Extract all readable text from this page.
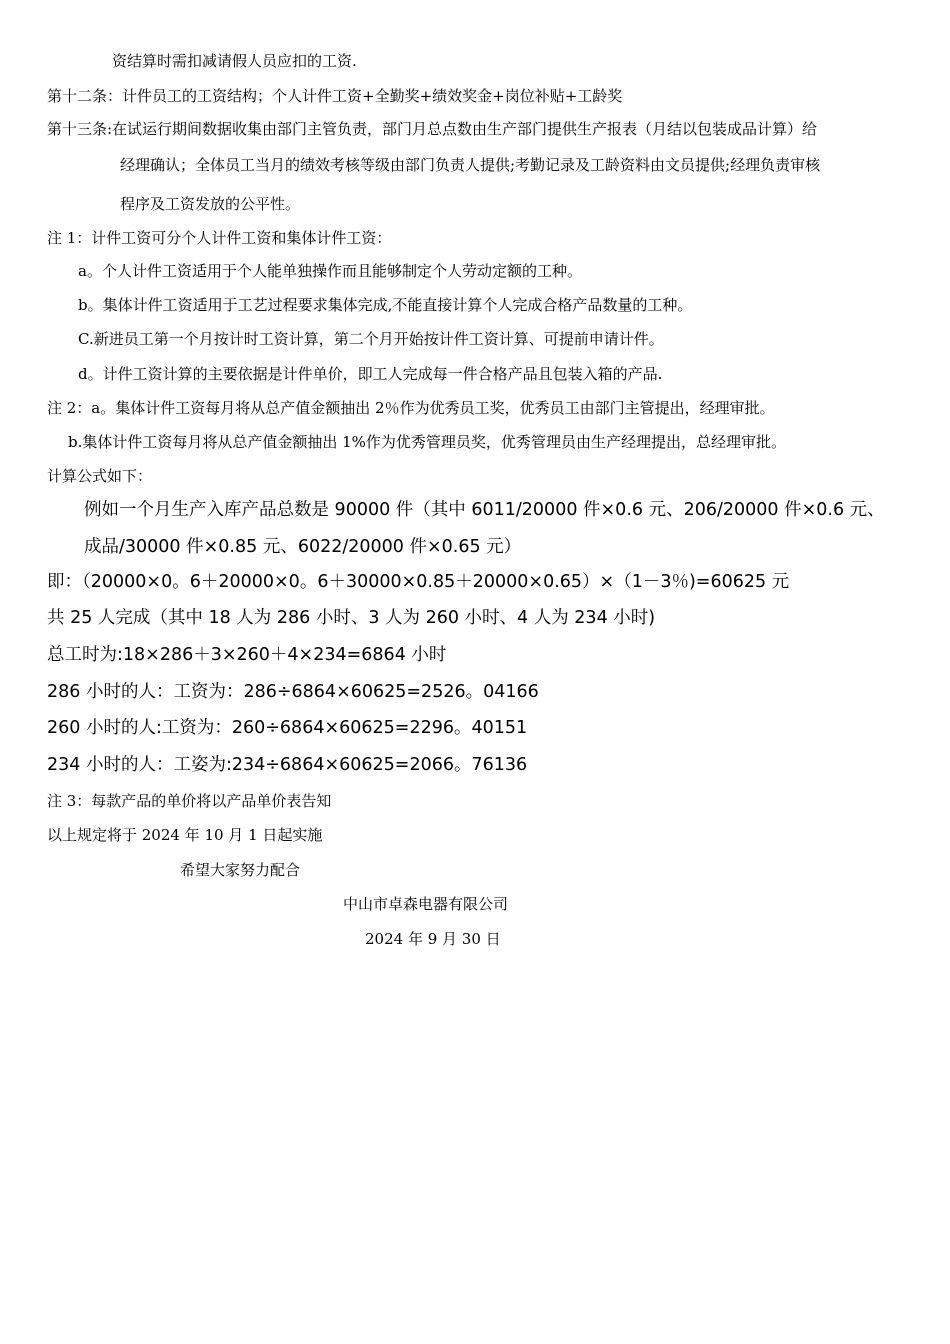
资结算时需扣减请假人员应扣的工资.
第十二条：计件员工的工资结构；个人计件工资+全勤奖+绩效奖金+岗位补贴+工龄奖
第十三条:在试运行期间数据收集由部门主管负责，部门月总点数由生产部门提供生产报表（月结以包装成品计算）给
经理确认；全体员工当月的绩效考核等级由部门负责人提供;考勤记录及工龄资料由文员提供;经理负责审核
程序及工资发放的公平性。
注 1：计件工资可分个人计件工资和集体计件工资：
a。个人计件工资适用于个人能单独操作而且能够制定个人劳动定额的工种。
b。集体计件工资适用于工艺过程要求集体完成,不能直接计算个人完成合格产品数量的工种。
C.新进员工第一个月按计时工资计算，第二个月开始按计件工资计算、可提前申请计件。
d。计件工资计算的主要依据是计件单价，即工人完成每一件合格产品且包装入箱的产品.
注 2：a。集体计件工资每月将从总产值金额抽出 2％作为优秀员工奖，优秀员工由部门主管提出，经理审批。
b.集体计件工资每月将从总产值金额抽出 1%作为优秀管理员奖，优秀管理员由生产经理提出，总经理审批。
计算公式如下：
例如一个月生产入库产品总数是 90000 件（其中 6011/20000 件×0.6 元、206/20000 件×0.6 元、
成品/30000 件×0.85 元、6022/20000 件×0.65 元）
即：（20000×0。6＋20000×0。6＋30000×0.85＋20000×0.65）×（1－3％)=60625 元
共 25 人完成（其中 18 人为 286 小时、3 人为 260 小时、4 人为 234 小时)
总工时为:18×286＋3×260＋4×234=6864 小时
286 小时的人：工资为：286÷6864×60625=2526。04166
260 小时的人:工资为：260÷6864×60625=2296。40151
234 小时的人：工姿为:234÷6864×60625=2066。76136
注 3：每款产品的单价将以产品单价表告知
以上规定将于 2024 年 10 月 1 日起实施
希望大家努力配合
中山市卓森电器有限公司
2024 年 9 月 30 日
